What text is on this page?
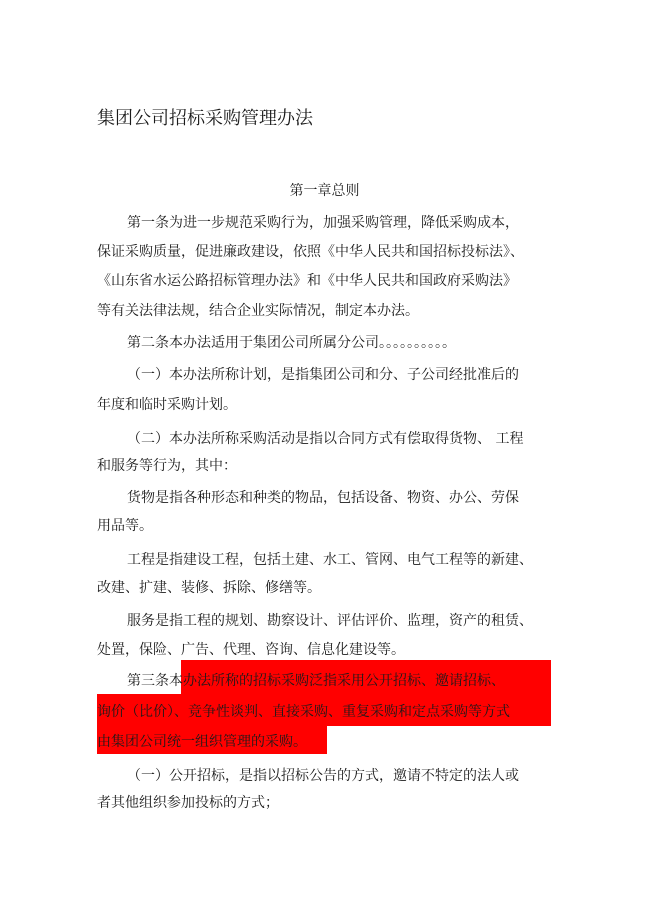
集团公司招标采购管理办法
第一章总则
第一条为进一步规范采购行为，加强采购管理，降低采购成本，
保证采购质量，促进廉政建设，依照《中华人民共和国招标投标法》、
《山东省水运公路招标管理办法》和《中华人民共和国政府采购法》
等有关法律法规，结合企业实际情况，制定本办法。
第二条本办法适用于集团公司所属分公司。。。。。。。。。。
（一）本办法所称计划，是指集团公司和分、子公司经批准后的
年度和临时采购计划。
（二）本办法所称采购活动是指以合同方式有偿取得货物、 工程
和服务等行为，其中：
货物是指各种形态和种类的物品，包括设备、物资、办公、劳保
用品等。
工程是指建设工程，包括土建、水工、管网、电气工程等的新建、
改建、扩建、装修、拆除、修缮等。
服务是指工程的规划、勘察设计、评估评价、监理，资产的租赁、
处置，保险、广告、代理、咨询、信息化建设等。
第三条本办法所称的招标采购泛指采用公开招标、邀请招标、
询价（比价）、竞争性谈判、直接采购、重复采购和定点采购等方式
由集团公司统一组织管理的采购。
（一）公开招标，是指以招标公告的方式，邀请不特定的法人或
者其他组织参加投标的方式；
